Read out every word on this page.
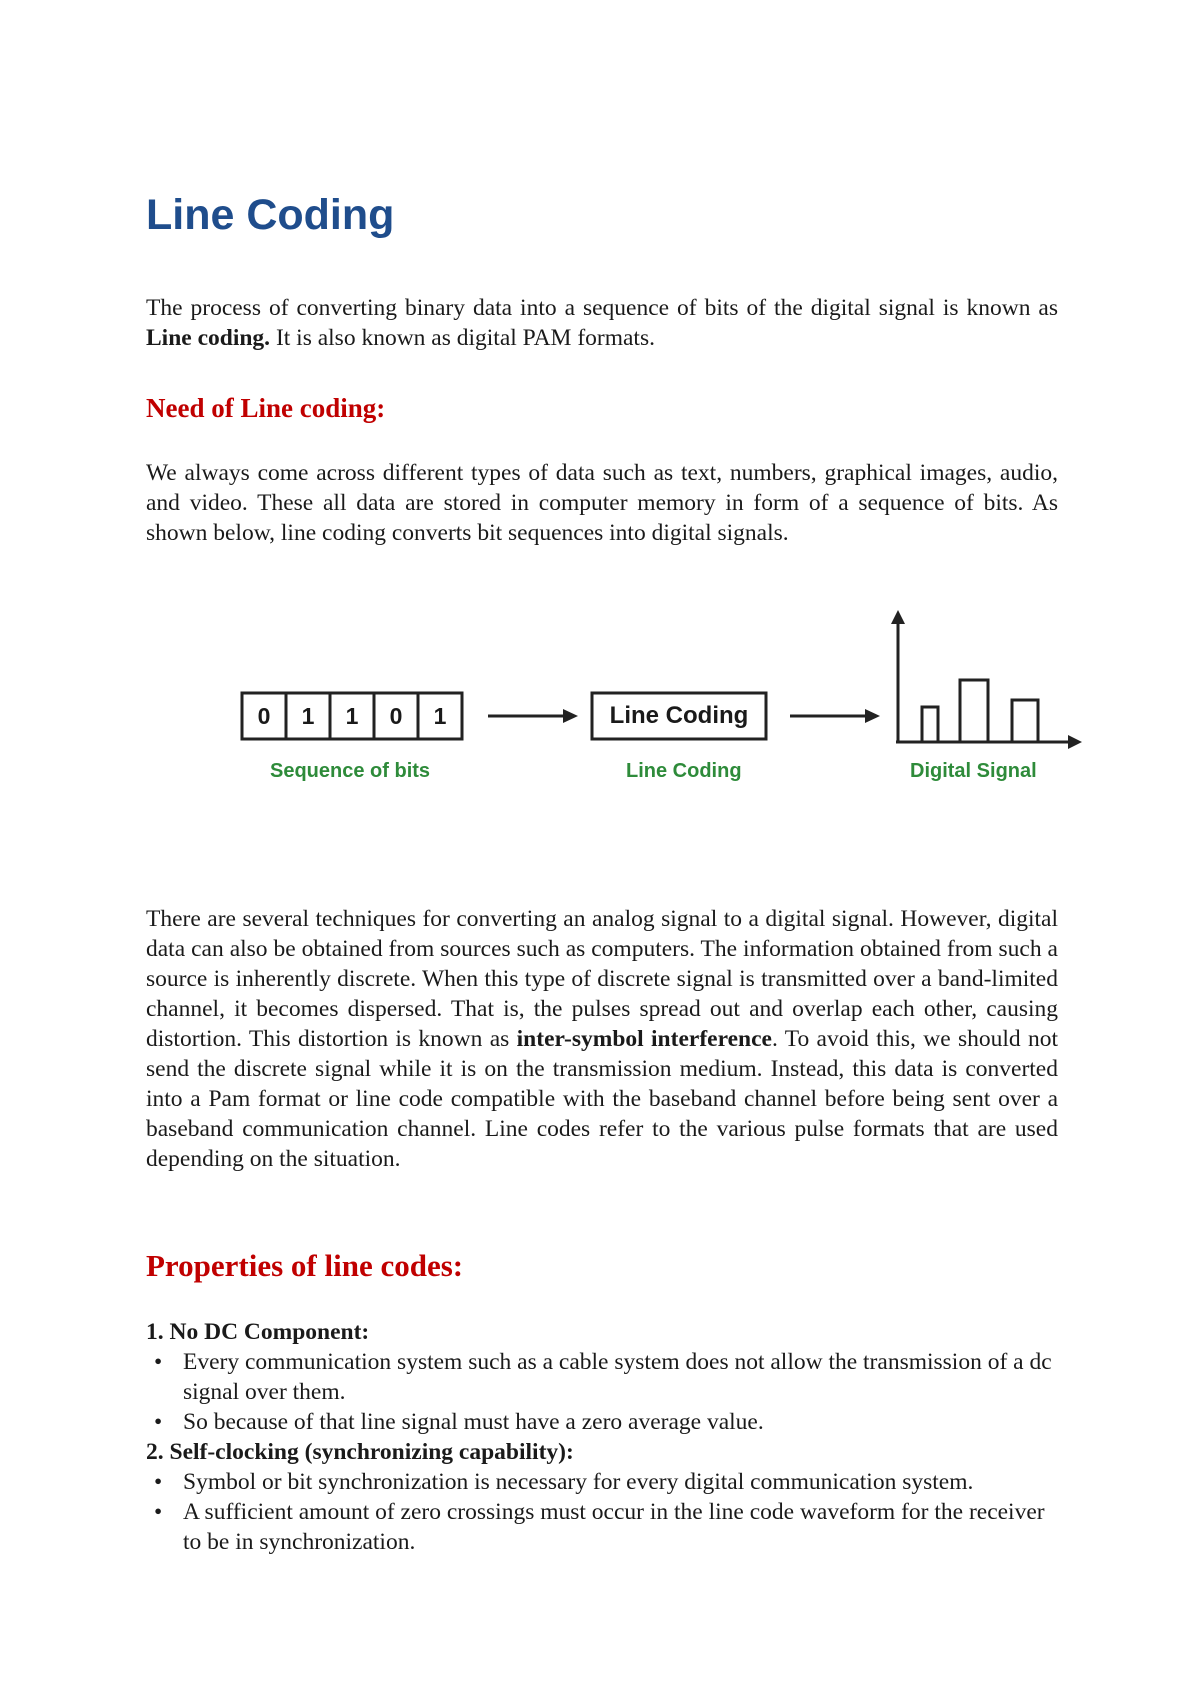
Line Coding

The process of converting binary data into a sequence of bits of the digital signal is known as Line coding. It is also known as digital PAM formats.

Need of Line coding:

We always come across different types of data such as text, numbers, graphical images, audio, and video. These all data are stored in computer memory in form of a sequence of bits. As shown below, line coding converts bit sequences into digital signals.

0	1	1	0	1	Line Coding
Sequence of bits	Line Coding	Digital Signal

There are several techniques for converting an analog signal to a digital signal. However, digital data can also be obtained from sources such as computers. The information obtained from such a source is inherently discrete. When this type of discrete signal is transmitted over a band-limited channel, it becomes dispersed. That is, the pulses spread out and overlap each other, causing distortion. This distortion is known as inter-symbol interference. To avoid this, we should not send the discrete signal while it is on the transmission medium. Instead, this data is converted into a Pam format or line code compatible with the baseband channel before being sent over a baseband communication channel. Line codes refer to the various pulse formats that are used depending on the situation.

Properties of line codes:
1. No DC Component:
• Every communication system such as a cable system does not allow the transmission of a dc signal over them.
• So because of that line signal must have a zero average value.
2. Self-clocking (synchronizing capability):
• Symbol or bit synchronization is necessary for every digital communication system.
• A sufficient amount of zero crossings must occur in the line code waveform for the receiver to be in synchronization.
